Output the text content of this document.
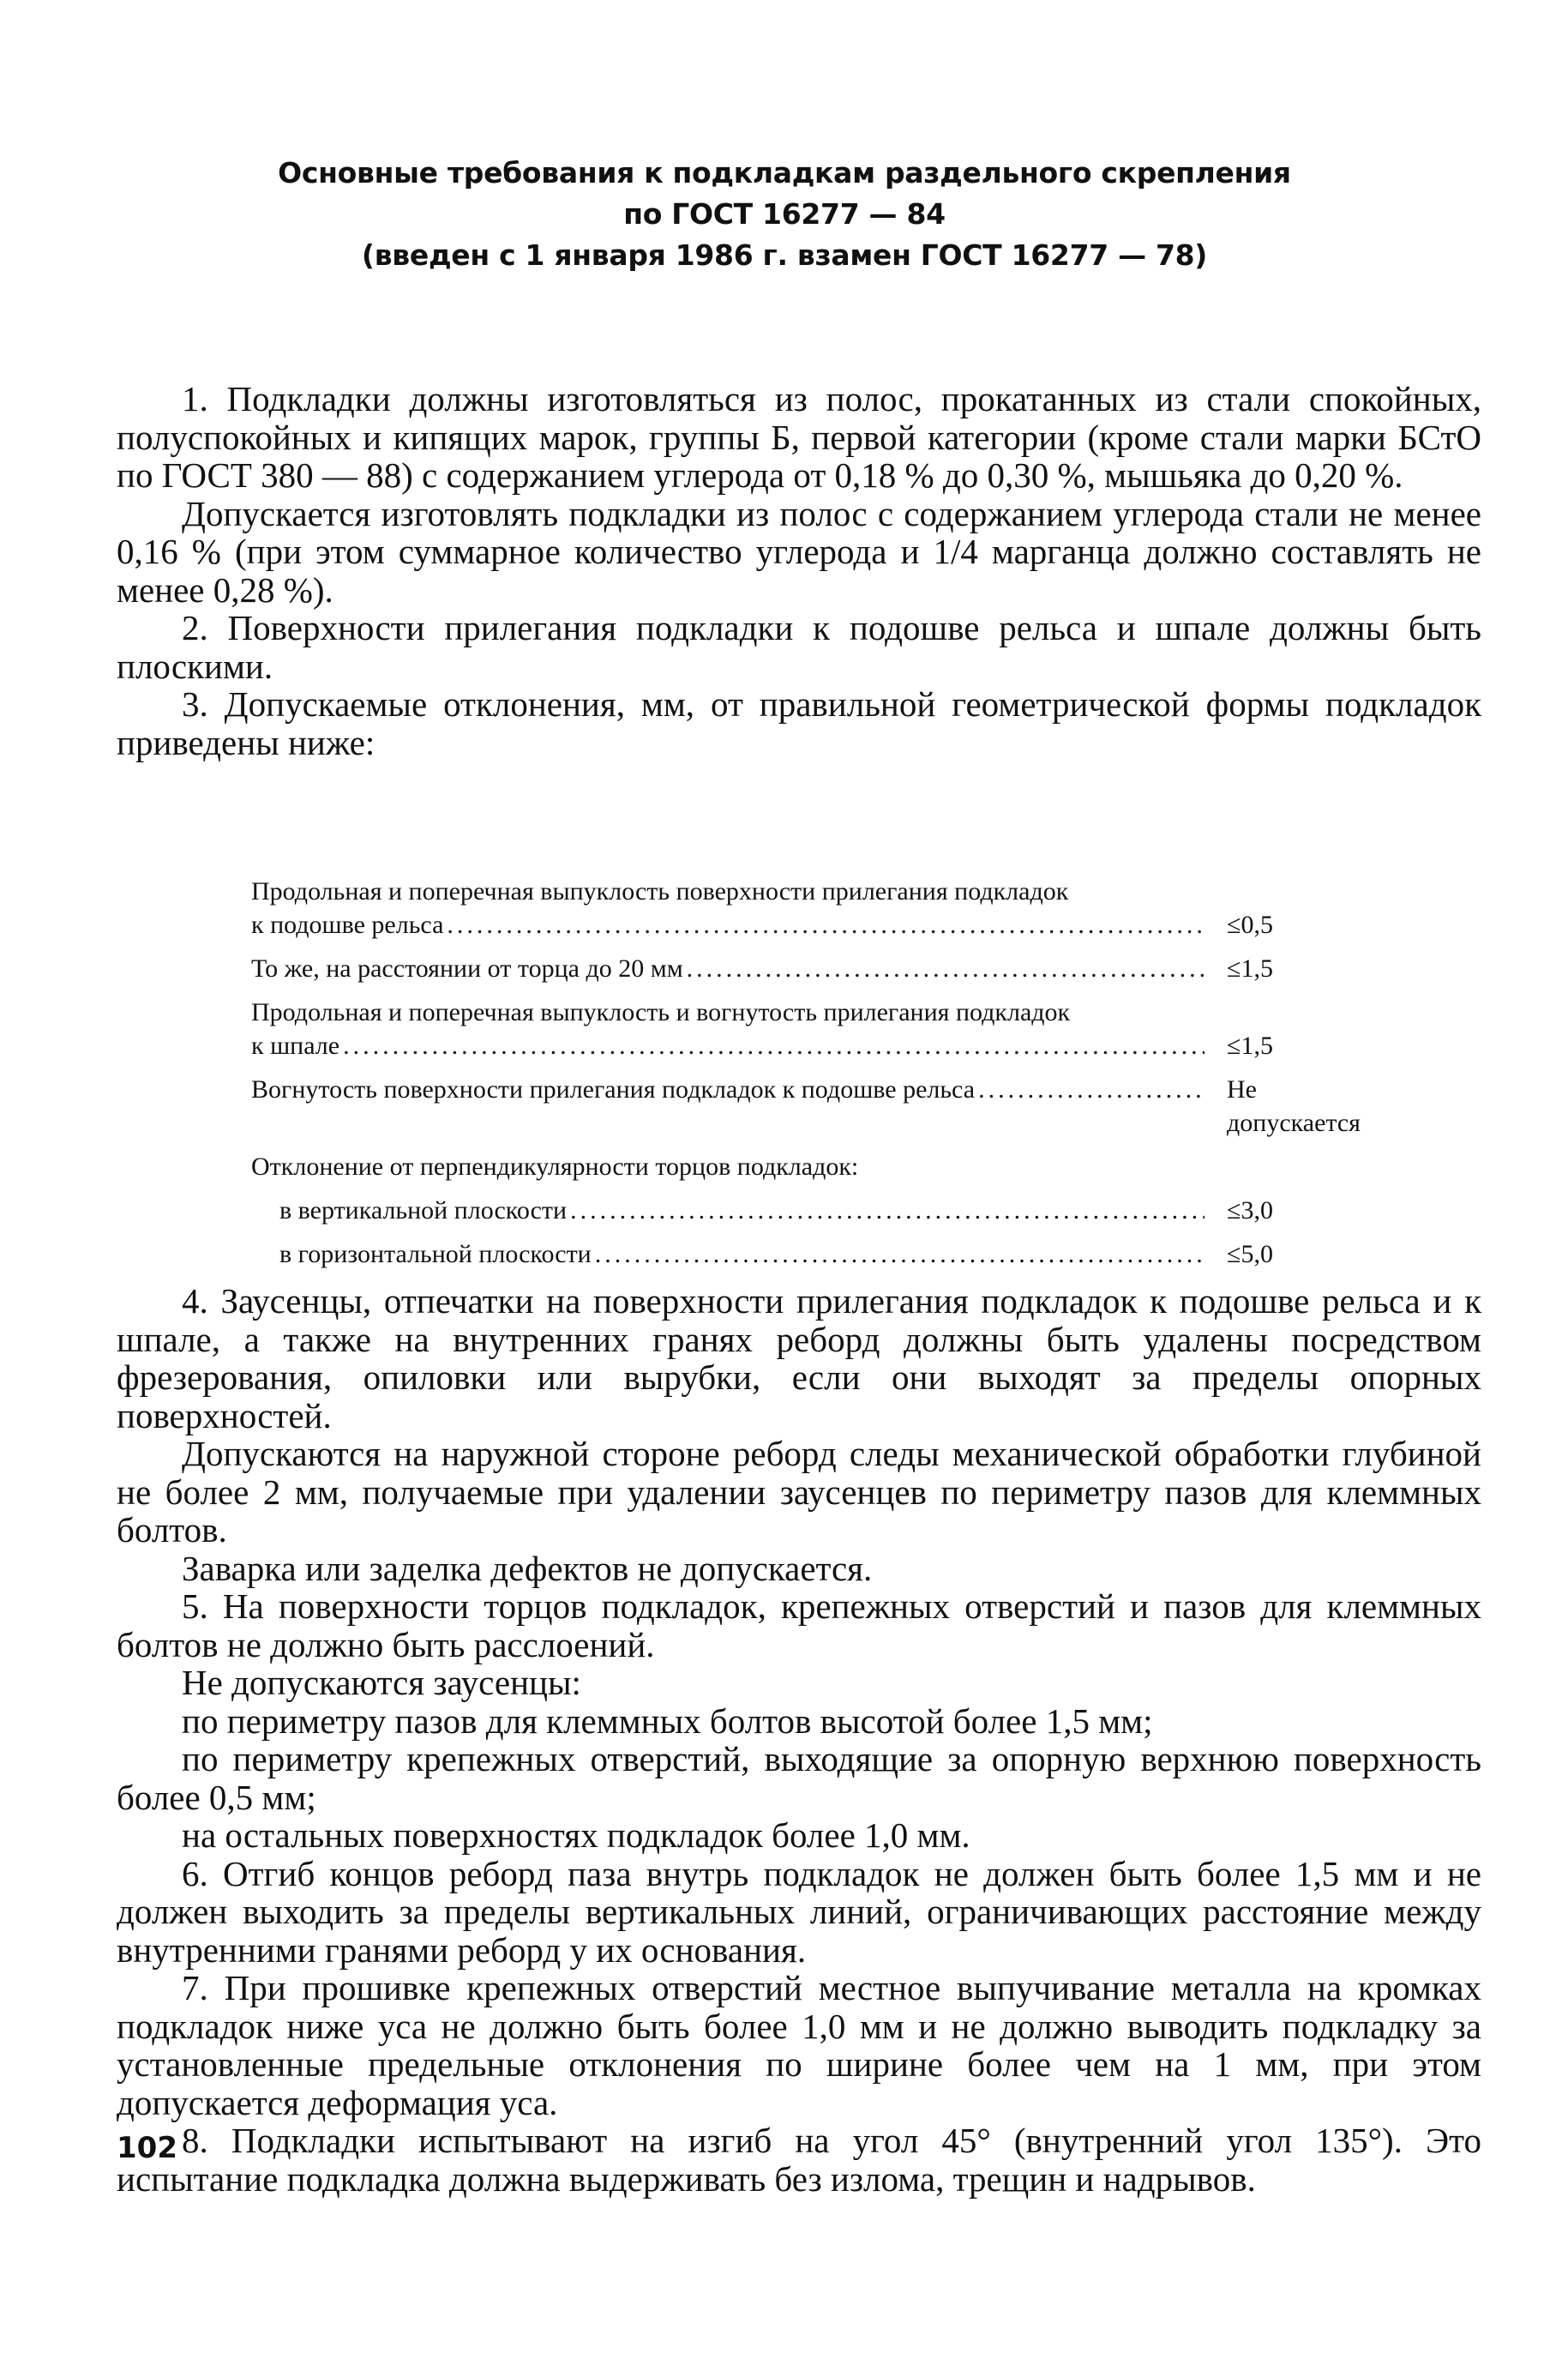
Основные требования к подкладкам раздельного скрепления
по ГОСТ 16277 — 84
(введен с 1 января 1986 г. взамен ГОСТ 16277 — 78)

1. Подкладки должны изготовляться из полос, прокатанных из стали спокойных, полуспокойных и кипящих марок, группы Б, первой категории (кроме стали марки БСтО по ГОСТ 380 — 88) с содержанием углерода от 0,18 % до 0,30 %, мышьяка до 0,20 %.

Допускается изготовлять подкладки из полос с содержанием углерода стали не менее 0,16 % (при этом суммарное количество углерода и 1/4 марганца должно составлять не менее 0,28 %).

2. Поверхности прилегания подкладки к подошве рельса и шпале должны быть плоскими.

3. Допускаемые отклонения, мм, от правильной геометрической формы подкладок приведены ниже:

Продольная и поперечная выпуклость поверхности прилегания подкладок
к подошве рельса .....	≤0,5
То же, на расстоянии от торца до 20 мм .....	≤1,5
Продольная и поперечная выпуклость и вогнутость прилегания подкладок
к шпале .....	≤1,5
Вогнутость поверхности прилегания подкладок к подошве рельса .....	Не допускается
Отклонение от перпендикулярности торцов подкладок:
в вертикальной плоскости .....	≤3,0
в горизонтальной плоскости .....	≤5,0

4. Заусенцы, отпечатки на поверхности прилегания подкладок к подошве рельса и к шпале, а также на внутренних гранях реборд должны быть удалены посредством фрезерования, опиловки или вырубки, если они выходят за пределы опорных поверхностей.

Допускаются на наружной стороне реборд следы механической обработки глубиной не более 2 мм, получаемые при удалении заусенцев по периметру пазов для клеммных болтов.

Заварка или заделка дефектов не допускается.

5. На поверхности торцов подкладок, крепежных отверстий и пазов для клеммных болтов не должно быть расслоений.

Не допускаются заусенцы:

по периметру пазов для клеммных болтов высотой более 1,5 мм;

по периметру крепежных отверстий, выходящие за опорную верхнюю поверхность более 0,5 мм;

на остальных поверхностях подкладок более 1,0 мм.

6. Отгиб концов реборд паза внутрь подкладок не должен быть более 1,5 мм и не должен выходить за пределы вертикальных линий, ограничивающих расстояние между внутренними гранями реборд у их основания.

7. При прошивке крепежных отверстий местное выпучивание металла на кромках подкладок ниже уса не должно быть более 1,0 мм и не должно выводить подкладку за установленные предельные отклонения по ширине более чем на 1 мм, при этом допускается деформация уса.

8. Подкладки испытывают на изгиб на угол 45° (внутренний угол 135°). Это испытание подкладка должна выдерживать без излома, трещин и надрывов.

102
